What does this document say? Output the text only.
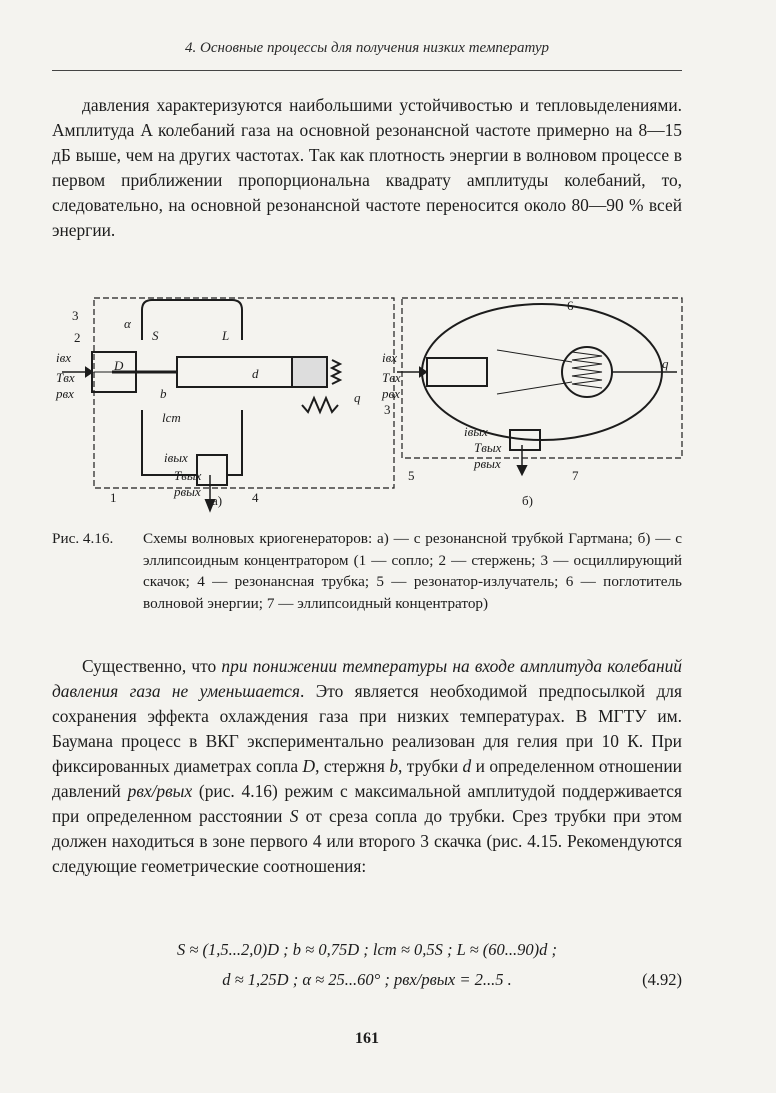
4. Основные процессы для получения низких температур

давления характеризуются наибольшими устойчивостью и тепловыделениями. Амплитуда A колебаний газа на основной резонансной частоте примерно на 8—15 дБ выше, чем на других частотах. Так как плотность энергии в волновом процессе в первом приближении пропорциональна квадрату амплитуды колебаний, то, следовательно, на основной резонансной частоте переносится около 80—90 % всей энергии.

3
2
α
S	L
D
b
d
lст
q
iвх
Tвх
pвх
iвых
Tвых
pвых
1	4
а)
6
q
iвх
Tвх
pвх
3
iвых
Tвых
pвых
5	7
б)
Рис. 4.16.	Схемы волновых криогенераторов: а) — с резонансной трубкой Гартмана; б) — с эллипсоидным концентратором (1 — сопло; 2 — стержень; 3 — осциллирующий скачок; 4 — резонансная трубка; 5 — резонатор-излучатель; 6 — поглотитель волновой энергии; 7 — эллипсоидный концентратор)

Существенно, что при понижении температуры на входе амплитуда колебаний давления газа не уменьшается. Это является необходимой предпосылкой для сохранения эффекта охлаждения газа при низких температурах. В МГТУ им. Баумана процесс в ВКГ экспериментально реализован для гелия при 10 К. При фиксированных диаметрах сопла D, стержня b, трубки d и определенном отношении давлений pвх/pвых (рис. 4.16) режим с максимальной амплитудой поддерживается при определенном расстоянии S от среза сопла до трубки. Срез трубки при этом должен находиться в зоне первого 4 или второго 3 скачка (рис. 4.15. Рекомендуются следующие геометрические соотношения:

S ≈ (1,5...2,0)D ; b ≈ 0,75D ; lст ≈ 0,5S ; L ≈ (60...90)d ;
d ≈ 1,25D ; α ≈ 25...60° ; pвх/pвых = 2...5 .	(4.92)
161
